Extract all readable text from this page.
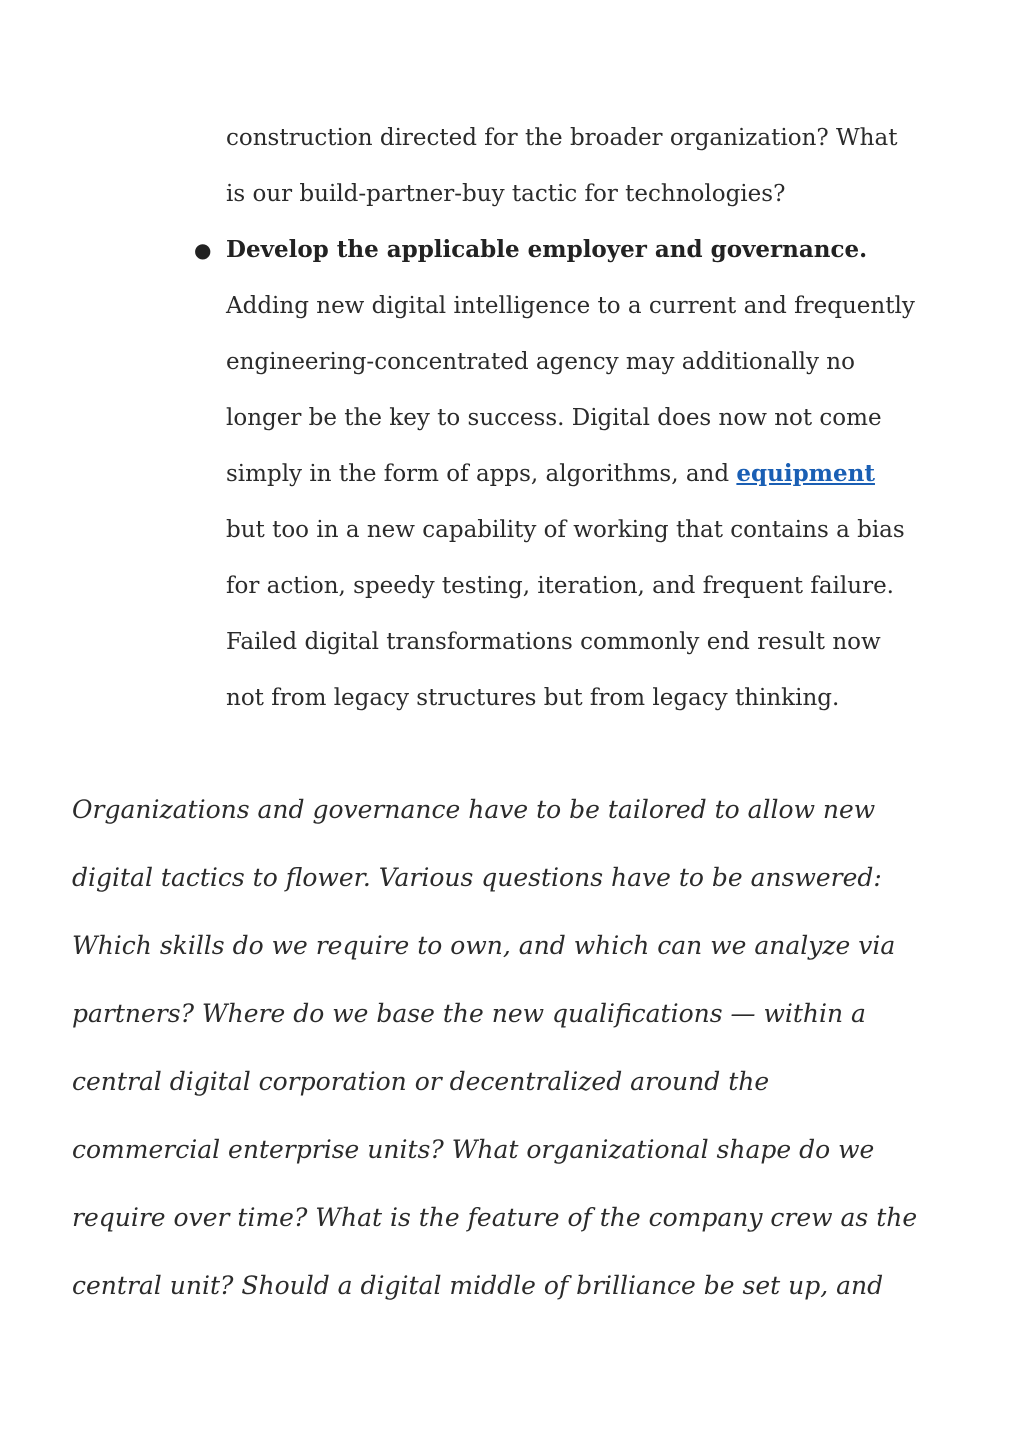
construction directed for the broader organization? What
is our build-partner-buy tactic for technologies?

● Develop the applicable employer and governance.
Adding new digital intelligence to a current and frequently
engineering-concentrated agency may additionally no
longer be the key to success. Digital does now not come
simply in the form of apps, algorithms, and equipment
but too in a new capability of working that contains a bias
for action, speedy testing, iteration, and frequent failure.
Failed digital transformations commonly end result now
not from legacy structures but from legacy thinking.

Organizations and governance have to be tailored to allow new
digital tactics to flower. Various questions have to be answered:
Which skills do we require to own, and which can we analyze via
partners? Where do we base the new qualifications — within a
central digital corporation or decentralized around the
commercial enterprise units? What organizational shape do we
require over time? What is the feature of the company crew as the
central unit? Should a digital middle of brilliance be set up, and
